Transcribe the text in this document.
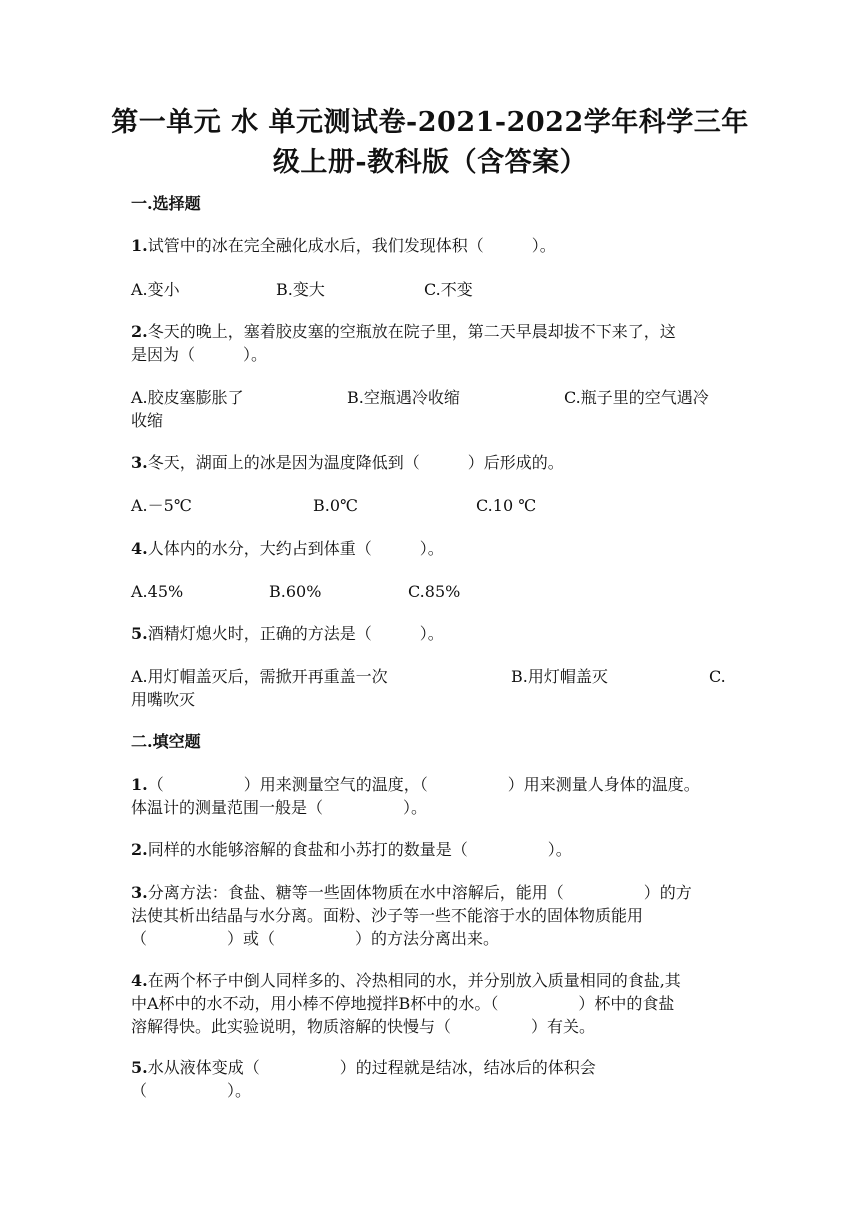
第一单元 水 单元测试卷-2021-2022学年科学三年
级上册-教科版（含答案）
一.选择题
1.试管中的冰在完全融化成水后，我们发现体积（　　　）。
A.变小	B.变大	C.不变
2.冬天的晚上，塞着胶皮塞的空瓶放在院子里，第二天早晨却拔不下来了，这
是因为（　　　）。
A.胶皮塞膨胀了	B.空瓶遇冷收缩	C.瓶子里的空气遇冷
收缩
3.冬天，湖面上的冰是因为温度降低到（　　　）后形成的。
A.－5℃	B.0℃	C.10 ℃
4.人体内的水分，大约占到体重（　　　）。
A.45%	B.60%	C.85%
5.酒精灯熄火时，正确的方法是（　　　）。
A.用灯帽盖灭后，需掀开再重盖一次	B.用灯帽盖灭	C.
用嘴吹灭
二.填空题
1.（　　　　　）用来测量空气的温度，（　　　　　）用来测量人身体的温度。
体温计的测量范围一般是（　　　　　）。
2.同样的水能够溶解的食盐和小苏打的数量是（　　　　　）。
3.分离方法：食盐、糖等一些固体物质在水中溶解后，能用（　　　　　）的方
法使其析出结晶与水分离。面粉、沙子等一些不能溶于水的固体物质能用
（　　　　　）或（　　　　　）的方法分离出来。
4.在两个杯子中倒人同样多的、冷热相同的水，并分别放入质量相同的食盐,其
中A杯中的水不动，用小棒不停地搅拌B杯中的水。（　　　　　）杯中的食盐
溶解得快。此实验说明，物质溶解的快慢与（　　　　　）有关。
5.水从液体变成（　　　　　）的过程就是结冰，结冰后的体积会
（　　　　　）。
